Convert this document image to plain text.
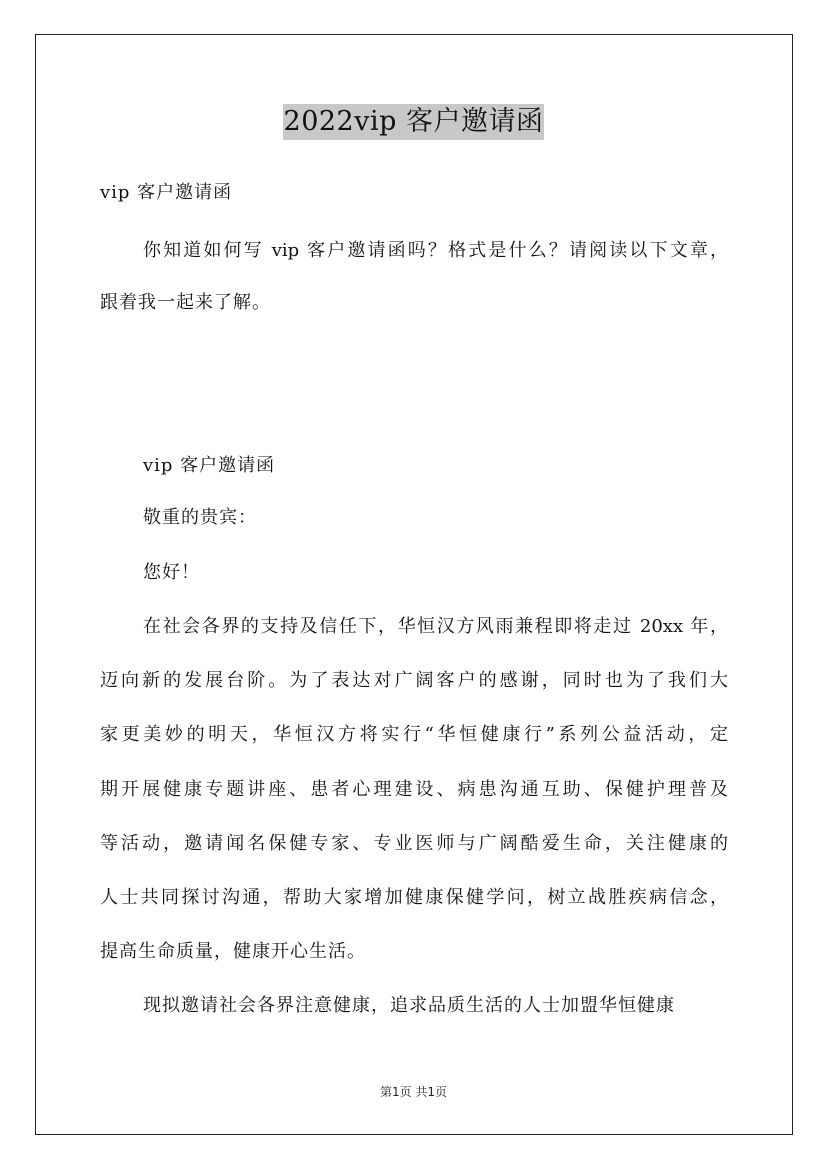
2022vip 客户邀请函
vip 客户邀请函
你知道如何写 vip 客户邀请函吗？格式是什么？请阅读以下文章，
跟着我一起来了解。
vip 客户邀请函
敬重的贵宾：
您好！
在社会各界的支持及信任下，华恒汉方风雨兼程即将走过 20xx 年，
迈向新的发展台阶。为了表达对广阔客户的感谢，同时也为了我们大
家更美妙的明天，华恒汉方将实行“华恒健康行”系列公益活动，定
期开展健康专题讲座、患者心理建设、病患沟通互助、保健护理普及
等活动，邀请闻名保健专家、专业医师与广阔酷爱生命，关注健康的
人士共同探讨沟通，帮助大家增加健康保健学问，树立战胜疾病信念，
提高生命质量，健康开心生活。
现拟邀请社会各界注意健康，追求品质生活的人士加盟华恒健康
第1页 共1页
